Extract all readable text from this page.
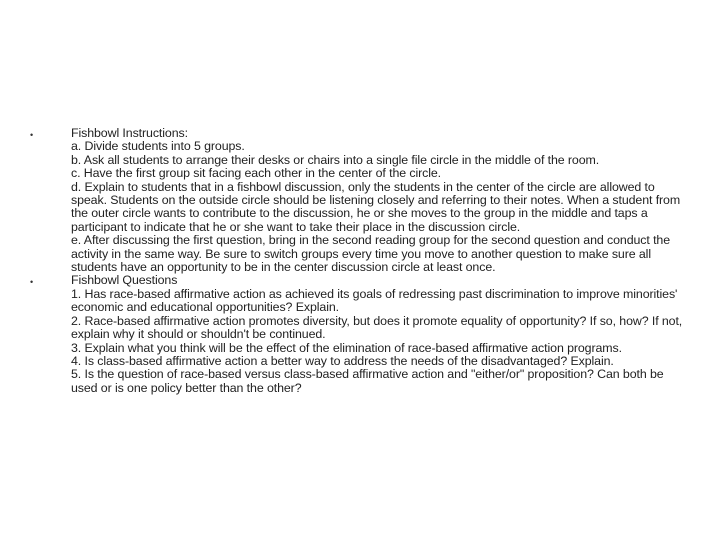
•	Fishbowl Instructions:
a. Divide students into 5 groups.
b. Ask all students to arrange their desks or chairs into a single file circle in the middle of the room.
c. Have the first group sit facing each other in the center of the circle.
d. Explain to students that in a fishbowl discussion, only the students in the center of the circle are allowed to speak. Students on the outside circle should be listening closely and referring to their notes. When a student from the outer circle wants to contribute to the discussion, he or she moves to the group in the middle and taps a participant to indicate that he or she want to take their place in the discussion circle.
e. After discussing the first question, bring in the second reading group for the second question and conduct the activity in the same way. Be sure to switch groups every time you move to another question to make sure all students have an opportunity to be in the center discussion circle at least once.
•	Fishbowl Questions
1. Has race-based affirmative action as achieved its goals of redressing past discrimination to improve minorities' economic and educational opportunities? Explain.
2. Race-based affirmative action promotes diversity, but does it promote equality of opportunity? If so, how? If not, explain why it should or shouldn't be continued.
3. Explain what you think will be the effect of the elimination of race-based affirmative action programs.
4. Is class-based affirmative action a better way to address the needs of the disadvantaged? Explain.
5. Is the question of race-based versus class-based affirmative action and "either/or" proposition? Can both be used or is one policy better than the other?
